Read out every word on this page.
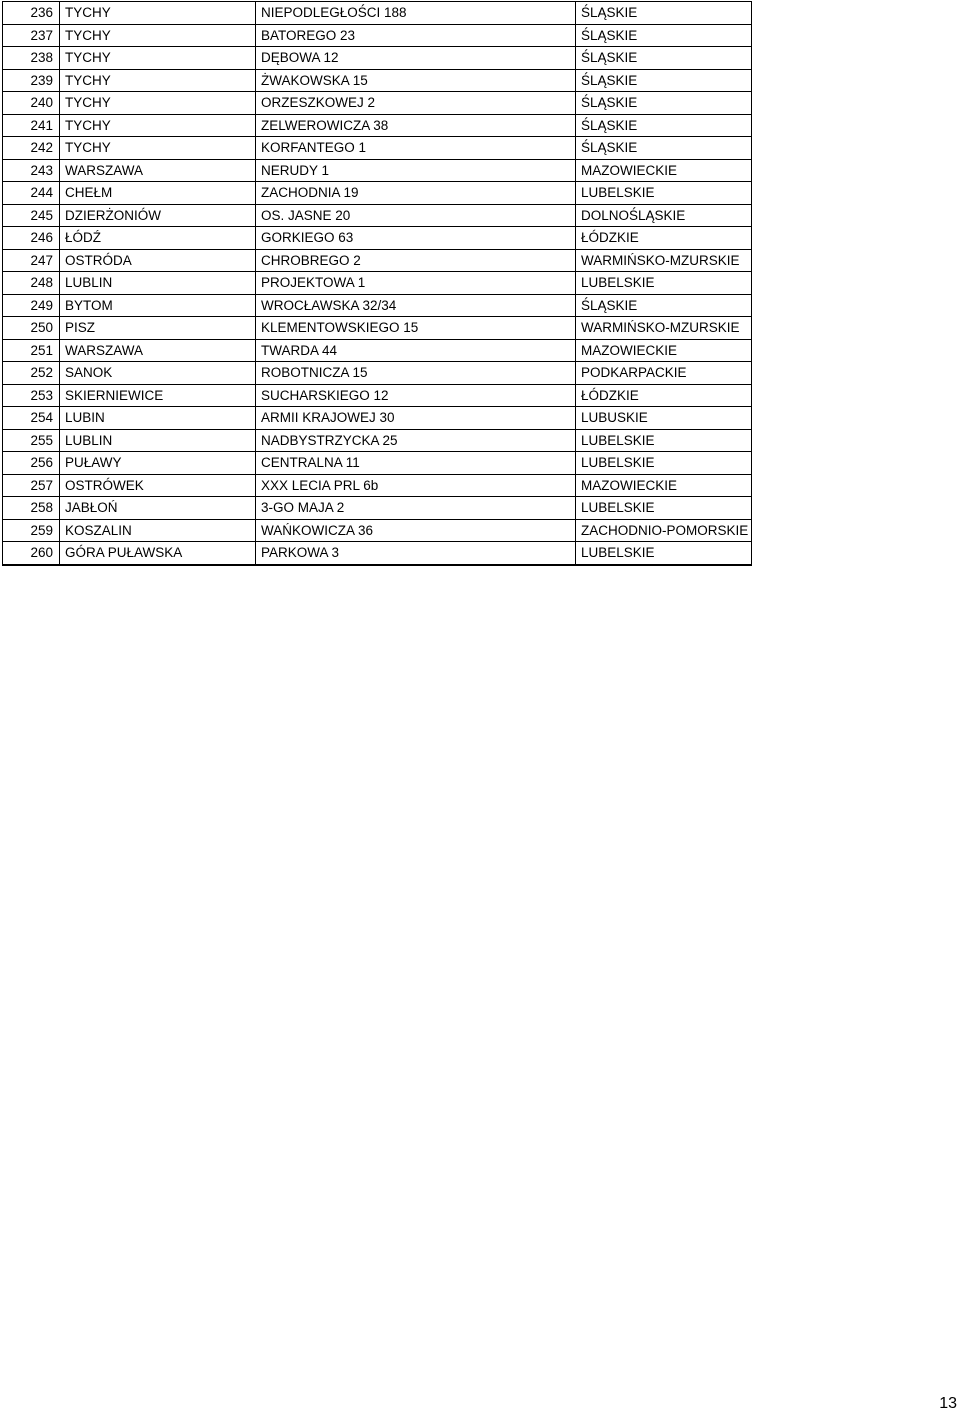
236	TYCHY	NIEPODLEGŁOŚCI 188	ŚLĄSKIE
237	TYCHY	BATOREGO 23	ŚLĄSKIE
238	TYCHY	DĘBOWA 12	ŚLĄSKIE
239	TYCHY	ŻWAKOWSKA 15	ŚLĄSKIE
240	TYCHY	ORZESZKOWEJ 2	ŚLĄSKIE
241	TYCHY	ZELWEROWICZA 38	ŚLĄSKIE
242	TYCHY	KORFANTEGO 1	ŚLĄSKIE
243	WARSZAWA	NERUDY 1	MAZOWIECKIE
244	CHEŁM	ZACHODNIA 19	LUBELSKIE
245	DZIERŻONIÓW	OS. JASNE 20	DOLNOŚLĄSKIE
246	ŁÓDŹ	GORKIEGO 63	ŁÓDZKIE
247	OSTRÓDA	CHROBREGO 2	WARMIŃSKO-MZURSKIE
248	LUBLIN	PROJEKTOWA 1	LUBELSKIE
249	BYTOM	WROCŁAWSKA 32/34	ŚLĄSKIE
250	PISZ	KLEMENTOWSKIEGO 15	WARMIŃSKO-MZURSKIE
251	WARSZAWA	TWARDA 44	MAZOWIECKIE
252	SANOK	ROBOTNICZA 15	PODKARPACKIE
253	SKIERNIEWICE	SUCHARSKIEGO 12	ŁÓDZKIE
254	LUBIN	ARMII KRAJOWEJ 30	LUBUSKIE
255	LUBLIN	NADBYSTRZYCKA 25	LUBELSKIE
256	PUŁAWY	CENTRALNA 11	LUBELSKIE
257	OSTRÓWEK	XXX LECIA PRL 6b	MAZOWIECKIE
258	JABŁOŃ	3-GO MAJA 2	LUBELSKIE
259	KOSZALIN	WAŃKOWICZA 36	ZACHODNIO-POMORSKIE
260	GÓRA PUŁAWSKA	PARKOWA 3	LUBELSKIE
13
